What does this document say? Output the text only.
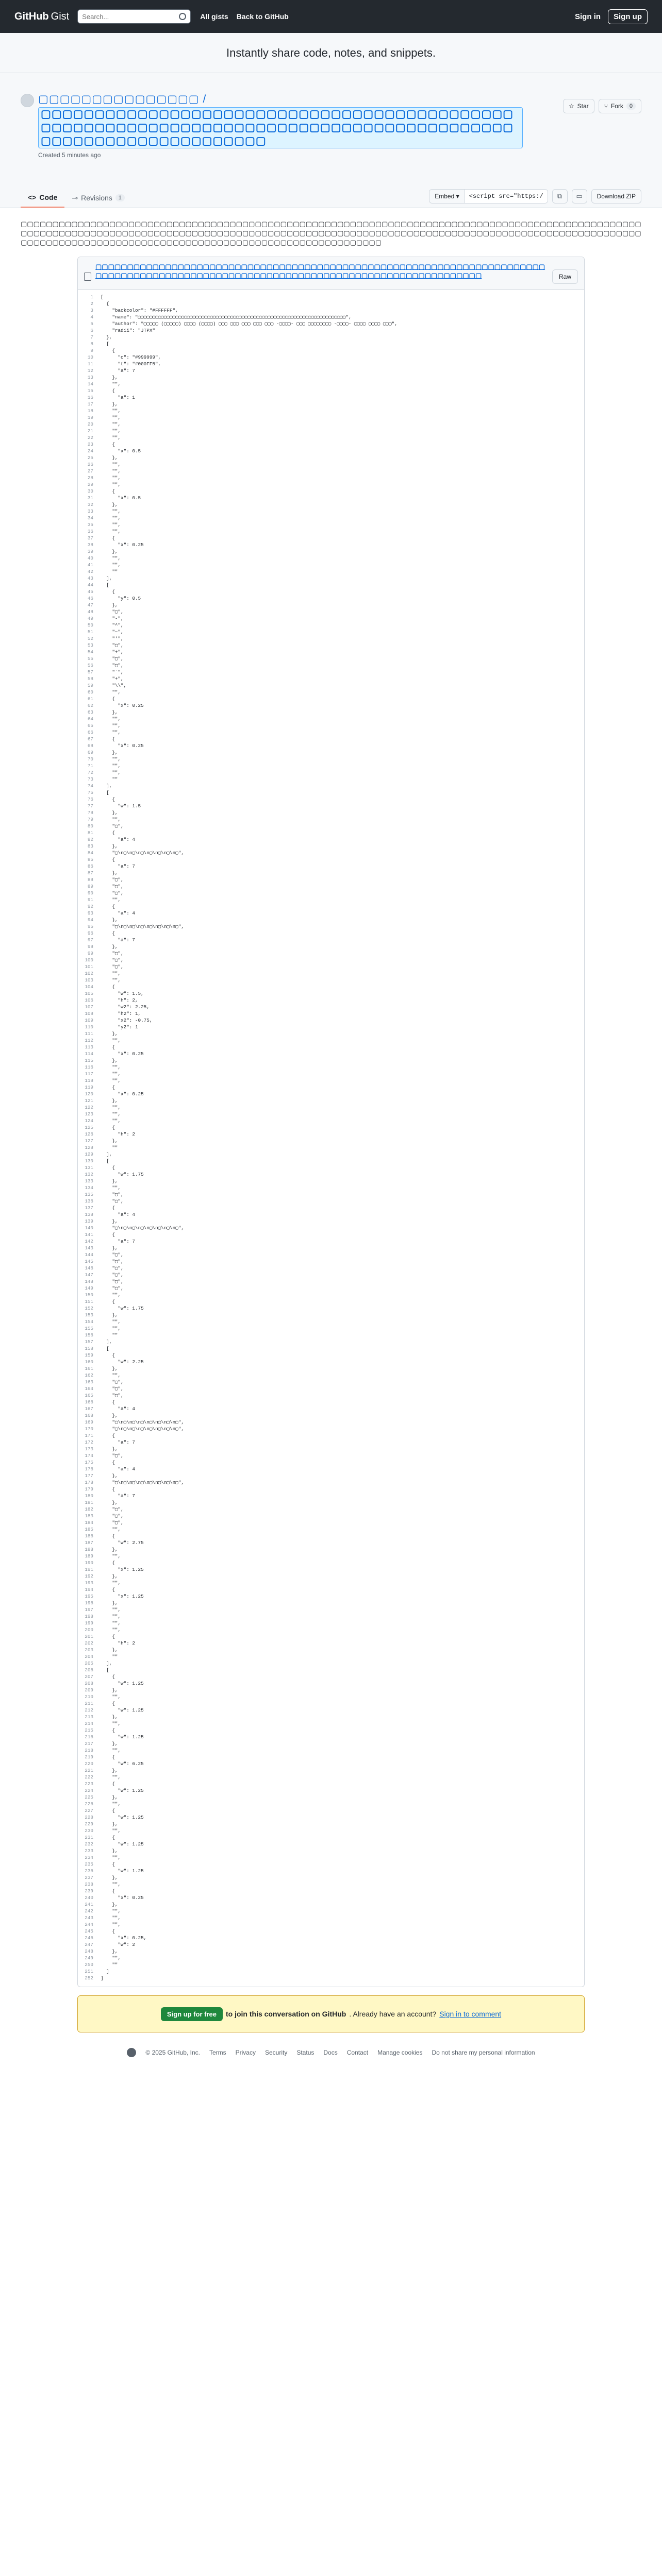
GitHub Gist
Search...	All gists Back to GitHub	Sign in	Sign up
Instantly share code, notes, and snippets.
▢▢▢▢▢▢▢▢▢▢▢▢▢▢▢ /
▢▢▢▢▢▢▢▢▢▢▢▢▢▢▢▢▢▢▢▢▢▢▢▢▢▢▢▢▢▢▢▢▢▢▢▢▢▢▢▢▢▢▢▢▢▢▢▢▢▢▢▢▢▢▢▢▢▢▢▢▢▢▢▢▢▢▢▢▢▢▢▢▢▢▢▢▢▢▢▢▢▢▢▢▢▢▢▢▢▢▢▢▢▢▢▢▢▢▢▢▢▢▢▢▢▢▢▢▢
Created 5 minutes ago
☆ Star	⑂ Fork	0
<> Code ⊸ Revisions	1	Embed ▾
<script src="https://	⧉ ▭	Download ZIP
▢▢▢▢▢▢▢▢▢▢▢▢▢▢▢▢▢▢▢▢▢▢▢▢▢▢▢▢▢▢▢▢▢▢▢▢▢▢▢▢▢▢▢▢▢▢▢▢▢▢▢▢▢▢▢▢▢▢▢▢▢▢▢▢▢▢▢▢▢▢▢▢▢▢▢▢▢▢▢▢▢▢▢▢▢▢▢▢▢▢▢▢▢▢▢▢▢▢▢▢▢▢▢▢▢▢▢▢▢▢▢▢▢▢▢▢▢▢▢▢▢▢▢▢▢▢▢▢▢▢▢▢▢▢▢▢▢▢▢▢▢▢▢▢▢▢▢▢▢▢▢▢▢▢▢▢▢▢▢▢▢▢▢▢▢▢▢▢▢▢▢▢▢▢▢▢▢▢▢▢▢▢▢▢▢▢▢▢▢▢▢▢▢▢▢▢▢▢▢▢▢▢▢▢▢▢▢▢▢▢▢▢▢▢▢▢▢▢▢▢▢▢▢▢▢▢▢▢▢▢▢▢▢▢▢▢▢▢▢▢▢▢▢▢▢▢▢▢▢▢▢▢▢
▢▢▢▢▢▢▢▢▢▢▢▢▢▢▢▢▢▢▢▢▢▢▢▢▢▢▢▢▢▢▢▢▢▢▢▢▢▢▢▢▢▢▢▢▢▢▢▢▢▢▢▢▢▢▢▢▢▢▢▢▢▢▢▢▢▢▢▢▢▢▢▢▢▢▢▢▢▢▢▢▢▢▢▢▢▢▢▢▢▢▢▢▢▢▢▢▢▢▢▢▢▢▢▢▢▢▢▢▢▢▢▢▢▢▢▢▢▢▢▢▢▢▢▢▢▢▢▢▢▢▢▢	Raw
1	[
2	{
3	"backcolor": "#FFFFFF",
4	"name": "▢▢▢▢▢▢▢▢▢▢▢▢▢▢▢▢▢▢▢▢▢▢▢▢▢▢▢▢▢▢▢▢▢▢▢▢▢▢▢▢▢▢▢▢▢▢▢▢▢▢▢▢▢▢▢▢▢▢▢▢▢▢▢▢▢▢▢▢▢▢▢▢",
5	"author": "▢▢▢▢▢ (▢▢▢▢▢) ▢▢▢▢ (▢▢▢▢) ▢▢▢ ▢▢▢ ▢▢▢ ▢▢▢ ▢▢▢ -▢▢▢▢- ▢▢▢ ▢▢▢▢▢▢▢▢ -▢▢▢▢- ▢▢▢▢ ▢▢▢▢ ▢▢▢",
6	"radii": "JTPX"
7	},
8	[
9	{
10	"c": "#999999",
11	"t": "#000FF5",
12	"a": 7
13	},
14	"",
15	{
16	"a": 1
17	},
18	"",
19	"",
20	"",
21	"",
22	"",
23	{
24	"x": 0.5
25	},
26	"",
27	"",
28	"",
29	"",
30	{
31	"x": 0.5
32	},
33	"",
34	"",
35	"",
36	"",
37	{
38	"x": 0.25
39	},
40	"",
41	"",
42	""
43	],
44	[
45	{
46	"y": 0.5
47	},
48	"▢",
49	"-",
50	"^",
51	"~",
52	"'",
53	"▢",
54	"+",
55	"▢",
56	"▢",
57	"`",
58	"+",
59	"\\",
60	"",
61	{
62	"x": 0.25
63	},
64	"",
65	"",
66	"",
67	{
68	"x": 0.25
69	},
70	"",
71	"",
72	"",
73	""
74	],
75	[
76	{
77	"w": 1.5
78	},
79	"",
80	"▢",
81	{
82	"a": 4
83	},
84	"▢\n▢\n▢\n▢\n▢\n▢\n▢\n▢",
85	{
86	"a": 7
87	},
88	"▢",
89	"▢",
90	"▢",
91	"",
92	{
93	"a": 4
94	},
95	"▢\n▢\n▢\n▢\n▢\n▢\n▢\n▢",
96	{
97	"a": 7
98	},
99	"▢",
100	"▢",
101	"▢",
102	"",
103	"",
104	{
105	"w": 1.5,
106	"h": 2,
107	"w2": 2.25,
108	"h2": 1,
109	"x2": -0.75,
110	"y2": 1
111	},
112	"",
113	{
114	"x": 0.25
115	},
116	"",
117	"",
118	"",
119	{
120	"x": 0.25
121	},
122	"",
123	"",
124	"",
125	{
126	"h": 2
127	},
128	""
129	],
130	[
131	{
132	"w": 1.75
133	},
134	"",
135	"▢",
136	"▢",
137	{
138	"a": 4
139	},
140	"▢\n▢\n▢\n▢\n▢\n▢\n▢\n▢",
141	{
142	"a": 7
143	},
144	"▢",
145	"▢",
146	"▢",
147	"▢",
148	"▢",
149	"▢",
150	"",
151	{
152	"w": 1.75
153	},
154	"",
155	"",
156	""
157	],
158	[
159	{
160	"w": 2.25
161	},
162	"",
163	"▢",
164	"▢",
165	"▢",
166	{
167	"a": 4
168	},
169	"▢\n▢\n▢\n▢\n▢\n▢\n▢\n▢",
170	"▢\n▢\n▢\n▢\n▢\n▢\n▢\n▢",
171	{
172	"a": 7
173	},
174	"▢",
175	{
176	"a": 4
177	},
178	"▢\n▢\n▢\n▢\n▢\n▢\n▢\n▢",
179	{
180	"a": 7
181	},
182	"▢",
183	"▢",
184	"▢",
185	"",
186	{
187	"w": 2.75
188	},
189	"",
190	{
191	"x": 1.25
192	},
193	"",
194	{
195	"x": 1.25
196	},
197	"",
198	"",
199	"",
200	"",
201	{
202	"h": 2
203	},
204	""
205	],
206	[
207	{
208	"w": 1.25
209	},
210	"",
211	{
212	"w": 1.25
213	},
214	"",
215	{
216	"w": 1.25
217	},
218	"",
219	{
220	"w": 6.25
221	},
222	"",
223	{
224	"w": 1.25
225	},
226	"",
227	{
228	"w": 1.25
229	},
230	"",
231	{
232	"w": 1.25
233	},
234	"",
235	{
236	"w": 1.25
237	},
238	"",
239	{
240	"x": 0.25
241	},
242	"",
243	"",
244	"",
245	{
246	"x": 0.25,
247	"w": 2
248	},
249	"",
250	""
251	]
252	]
Sign up for free	to join this conversation on GitHub . Already have an account? Sign in to comment
© 2025 GitHub, Inc. Terms Privacy Security Status Docs Contact Manage cookies Do not share my personal information
